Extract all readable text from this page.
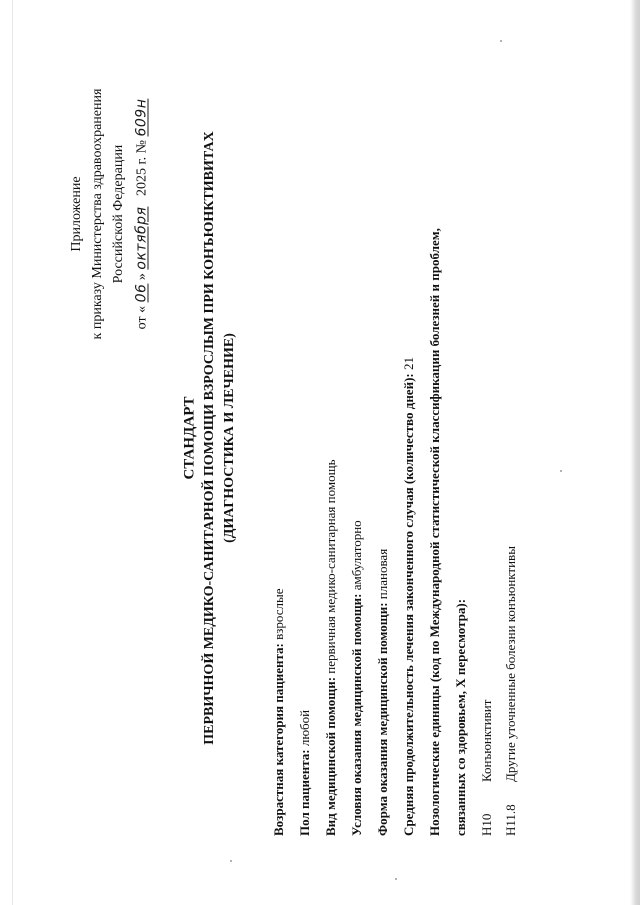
Приложение к приказу Министерства здравоохранения Российской Федерации
от « 06 » октября   2025 г. № 609н
СТАНДАРТ ПЕРВИЧНОЙ МЕДИКО-САНИТАРНОЙ ПОМОЩИ ВЗРОСЛЫМ ПРИ КОНЪЮНКТИВИТАХ (ДИАГНОСТИКА И ЛЕЧЕНИЕ)
Возрастная категория пациента: взрослые
Пол пациента: любой Вид медицинской помощи: первичная медико-санитарная помощь
Условия оказания медицинской помощи: амбулаторно
Форма оказания медицинской помощи: плановая Средняя продолжительность лечения законченного случая (количество дней): 21 Нозологические единицы (код по Международной статистической классификации болезней и проблем, связанных со здоровьем, X пересмотра): H10Конъюнктивит
H11.8Другие уточненные болезни конъюнктивы
